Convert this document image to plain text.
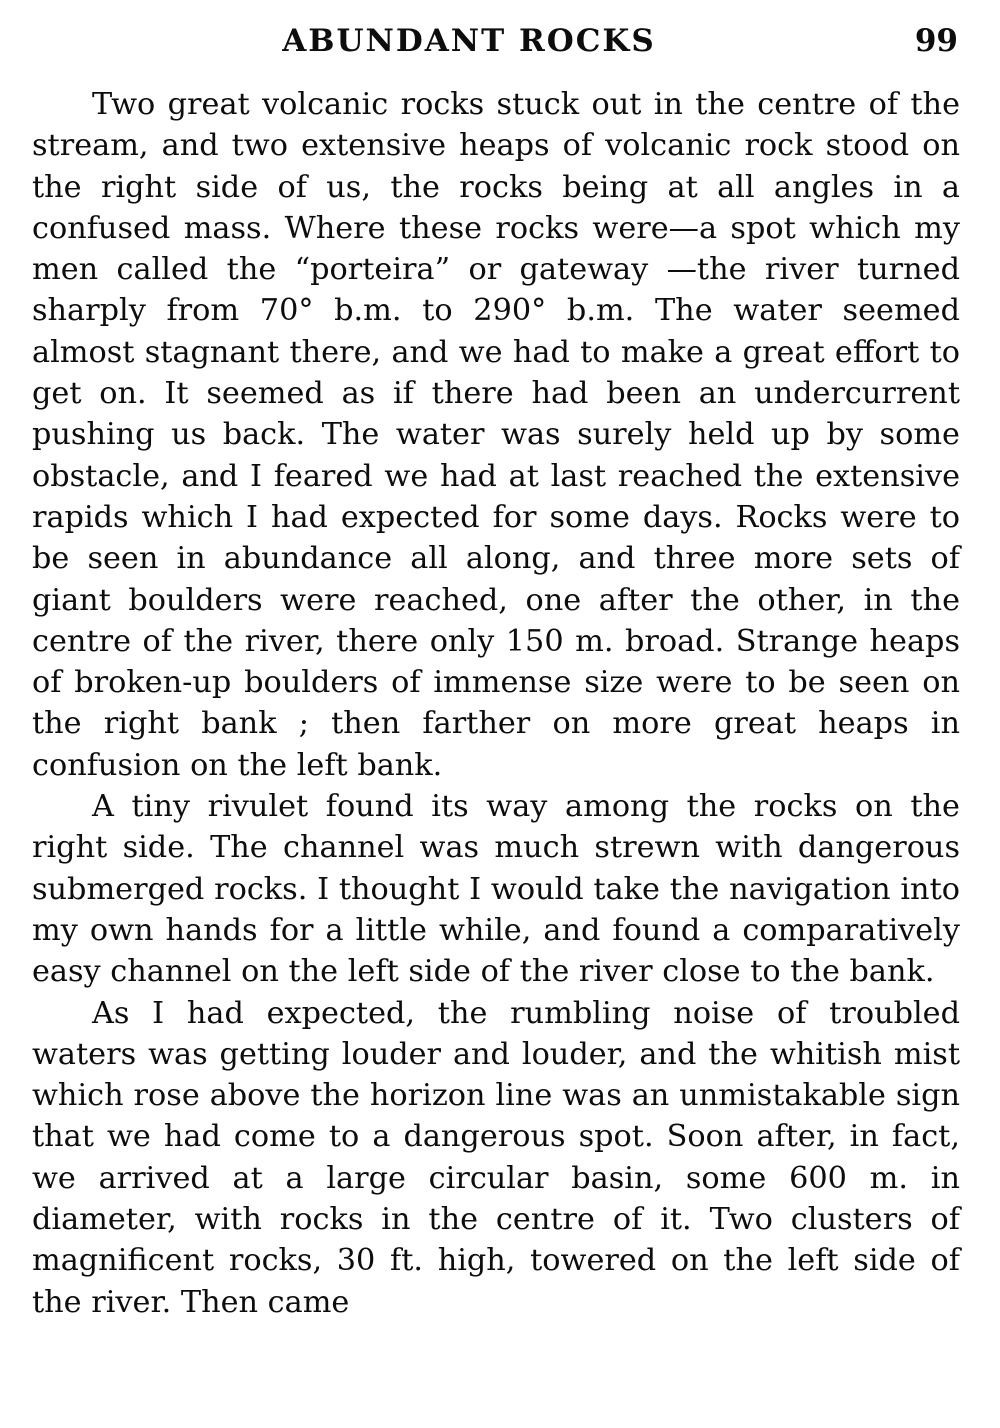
ABUNDANT ROCKS	99

Two great volcanic rocks stuck out in the centre of the stream, and two extensive heaps of volcanic rock stood on the right side of us, the rocks being at all angles in a confused mass. Where these rocks were—a spot which my men called the “porteira” or gateway —the river turned sharply from 70° b.m. to 290° b.m. The water seemed almost stagnant there, and we had to make a great effort to get on. It seemed as if there had been an undercurrent pushing us back. The water was surely held up by some obstacle, and I feared we had at last reached the extensive rapids which I had expected for some days. Rocks were to be seen in abundance all along, and three more sets of giant boulders were reached, one after the other, in the centre of the river, there only 150 m. broad. Strange heaps of broken-up boulders of immense size were to be seen on the right bank ; then farther on more great heaps in confusion on the left bank.

A tiny rivulet found its way among the rocks on the right side. The channel was much strewn with dangerous submerged rocks. I thought I would take the navigation into my own hands for a little while, and found a comparatively easy channel on the left side of the river close to the bank.

As I had expected, the rumbling noise of troubled waters was getting louder and louder, and the whitish mist which rose above the horizon line was an unmistakable sign that we had come to a dangerous spot. Soon after, in fact, we arrived at a large circular basin, some 600 m. in diameter, with rocks in the centre of it. Two clusters of magnificent rocks, 30 ft. high, towered on the left side of the river. Then came
